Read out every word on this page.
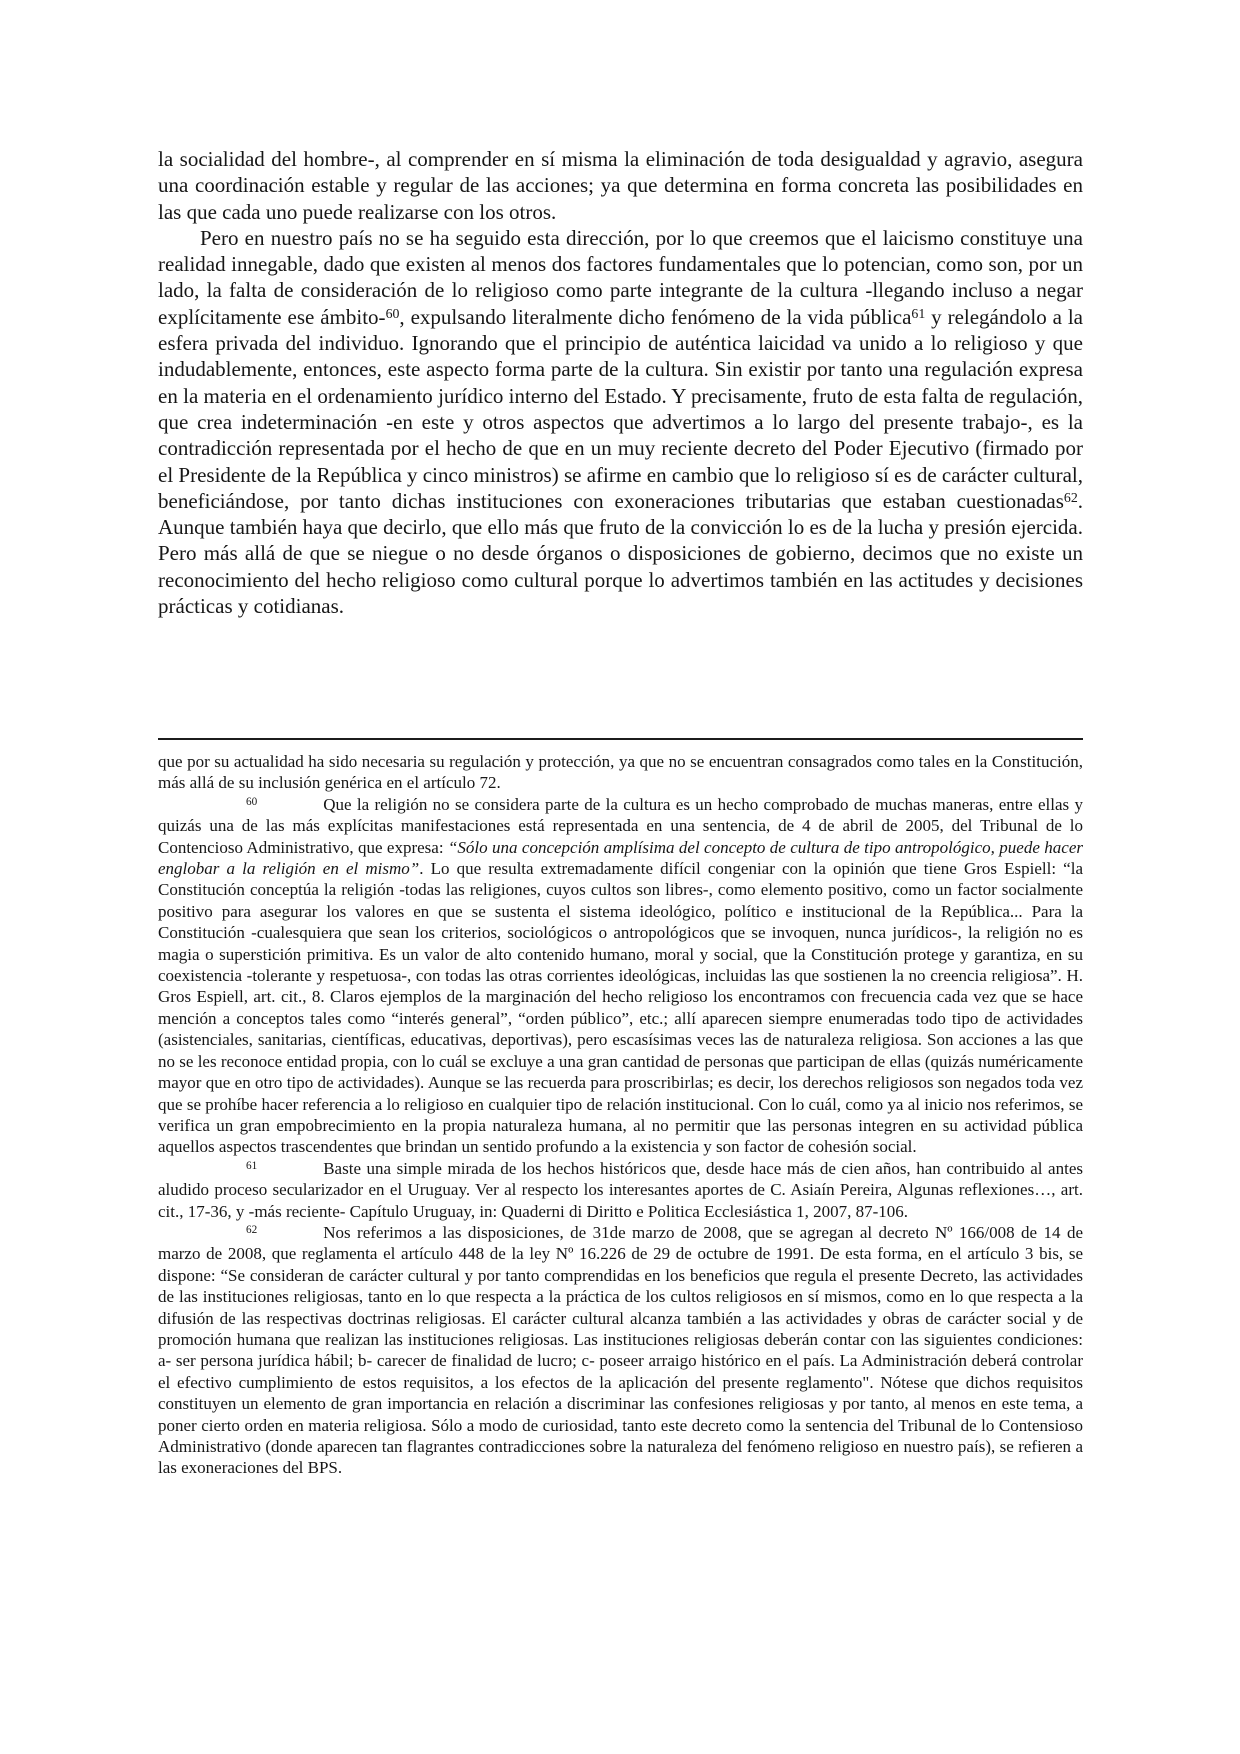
la socialidad del hombre-, al comprender en sí misma la eliminación de toda desigualdad y agravio, asegura una coordinación estable y regular de las acciones; ya que determina en forma concreta las posibilidades en las que cada uno puede realizarse con los otros.

Pero en nuestro país no se ha seguido esta dirección, por lo que creemos que el laicismo constituye una realidad innegable, dado que existen al menos dos factores fundamentales que lo potencian, como son, por un lado, la falta de consideración de lo religioso como parte integrante de la cultura -llegando incluso a negar explícitamente ese ámbito-$^{60}$, expulsando literalmente dicho fenómeno de la vida pública$^{61}$ y relegándolo a la esfera privada del individuo. Ignorando que el principio de auténtica laicidad va unido a lo religioso y que indudablemente, entonces, este aspecto forma parte de la cultura. Sin existir por tanto una regulación expresa en la materia en el ordenamiento jurídico interno del Estado. Y precisamente, fruto de esta falta de regulación, que crea indeterminación -en este y otros aspectos que advertimos a lo largo del presente trabajo-, es la contradicción representada por el hecho de que en un muy reciente decreto del Poder Ejecutivo (firmado por el Presidente de la República y cinco ministros) se afirme en cambio que lo religioso sí es de carácter cultural, beneficiándose, por tanto dichas instituciones con exoneraciones tributarias que estaban cuestionadas$^{62}$. Aunque también haya que decirlo, que ello más que fruto de la convicción lo es de la lucha y presión ejercida. Pero más allá de que se niegue o no desde órganos o disposiciones de gobierno, decimos que no existe un reconocimiento del hecho religioso como cultural porque lo advertimos también en las actitudes y decisiones prácticas y cotidianas.

que por su actualidad ha sido necesaria su regulación y protección, ya que no se encuentran consagrados como tales en la Constitución, más allá de su inclusión genérica en el artículo 72.

$^{60}$	Que la religión no se considera parte de la cultura es un hecho comprobado de muchas maneras, entre ellas y quizás una de las más explícitas manifestaciones está representada en una sentencia, de 4 de abril de 2005, del Tribunal de lo Contencioso Administrativo, que expresa: “Sólo una concepción amplísima del concepto de cultura de tipo antropológico, puede hacer englobar a la religión en el mismo”. Lo que resulta extremadamente difícil congeniar con la opinión que tiene Gros Espiell: “la Constitución conceptúa la religión -todas las religiones, cuyos cultos son libres-, como elemento positivo, como un factor socialmente positivo para asegurar los valores en que se sustenta el sistema ideológico, político e institucional de la República... Para la Constitución -cualesquiera que sean los criterios, sociológicos o antropológicos que se invoquen, nunca jurídicos-, la religión no es magia o superstición primitiva. Es un valor de alto contenido humano, moral y social, que la Constitución protege y garantiza, en su coexistencia -tolerante y respetuosa-, con todas las otras corrientes ideológicas, incluidas las que sostienen la no creencia religiosa”. H. Gros Espiell, art. cit., 8. Claros ejemplos de la marginación del hecho religioso los encontramos con frecuencia cada vez que se hace mención a conceptos tales como “interés general”, “orden público”, etc.; allí aparecen siempre enumeradas todo tipo de actividades (asistenciales, sanitarias, científicas, educativas, deportivas), pero escasísimas veces las de naturaleza religiosa. Son acciones a las que no se les reconoce entidad propia, con lo cuál se excluye a una gran cantidad de personas que participan de ellas (quizás numéricamente mayor que en otro tipo de actividades). Aunque se las recuerda para proscribirlas; es decir, los derechos religiosos son negados toda vez que se prohíbe hacer referencia a lo religioso en cualquier tipo de relación institucional. Con lo cuál, como ya al inicio nos referimos, se verifica un gran empobrecimiento en la propia naturaleza humana, al no permitir que las personas integren en su actividad pública aquellos aspectos trascendentes que brindan un sentido profundo a la existencia y son factor de cohesión social.

$^{61}$	Baste una simple mirada de los hechos históricos que, desde hace más de cien años, han contribuido al antes aludido proceso secularizador en el Uruguay. Ver al respecto los interesantes aportes de C. Asiaín Pereira, Algunas reflexiones…, art. cit., 17-36, y -más reciente- Capítulo Uruguay, in: Quaderni di Diritto e Politica Ecclesiástica 1, 2007, 87-106.

$^{62}$	Nos referimos a las disposiciones, de 31de marzo de 2008, que se agregan al decreto Nº 166/008 de 14 de marzo de 2008, que reglamenta el artículo 448 de la ley Nº 16.226 de 29 de octubre de 1991. De esta forma, en el artículo 3 bis, se dispone: “Se consideran de carácter cultural y por tanto comprendidas en los beneficios que regula el presente Decreto, las actividades de las instituciones religiosas, tanto en lo que respecta a la práctica de los cultos religiosos en sí mismos, como en lo que respecta a la difusión de las respectivas doctrinas religiosas. El carácter cultural alcanza también a las actividades y obras de carácter social y de promoción humana que realizan las instituciones religiosas. Las instituciones religiosas deberán contar con las siguientes condiciones: a- ser persona jurídica hábil; b- carecer de finalidad de lucro; c- poseer arraigo histórico en el país. La Administración deberá controlar el efectivo cumplimiento de estos requisitos, a los efectos de la aplicación del presente reglamento". Nótese que dichos requisitos constituyen un elemento de gran importancia en relación a discriminar las confesiones religiosas y por tanto, al menos en este tema, a poner cierto orden en materia religiosa. Sólo a modo de curiosidad, tanto este decreto como la sentencia del Tribunal de lo Contensioso Administrativo (donde aparecen tan flagrantes contradicciones sobre la naturaleza del fenómeno religioso en nuestro país), se refieren a las exoneraciones del BPS.
